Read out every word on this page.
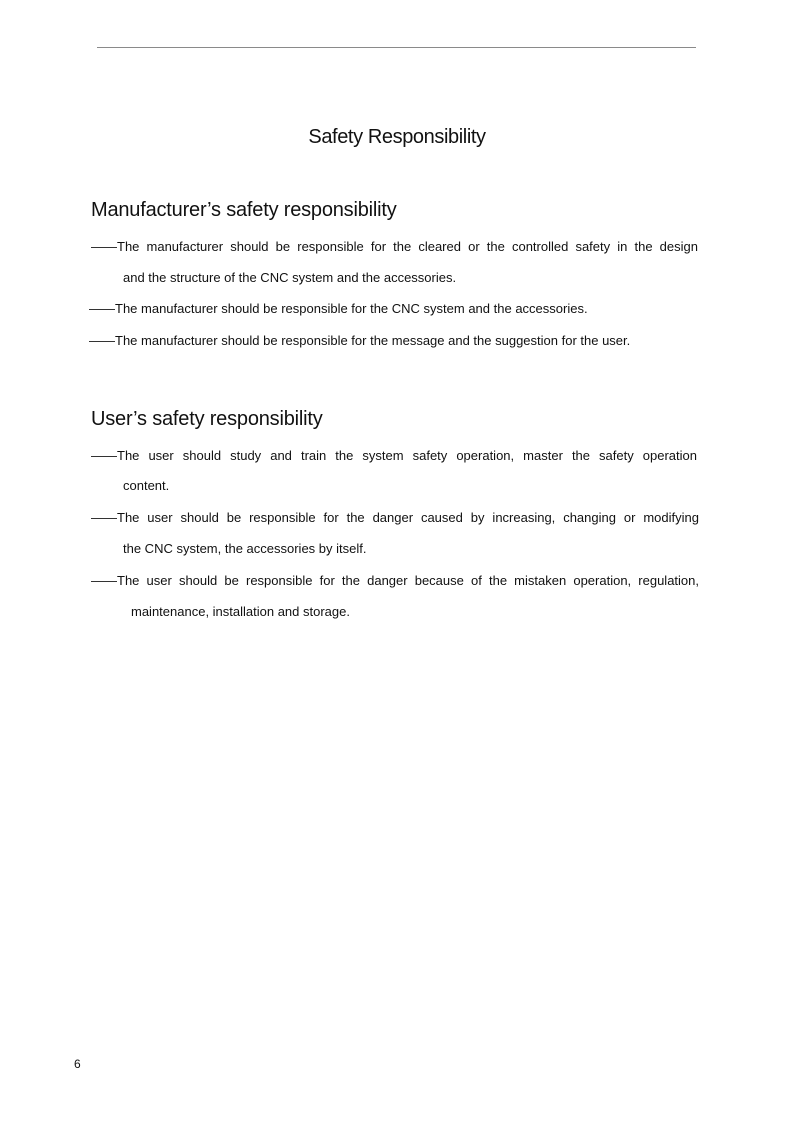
Safety Responsibility
Manufacturer’s safety responsibility
——The manufacturer should be responsible for the cleared or the controlled safety in the design
and the structure of the CNC system and the accessories.
——The manufacturer should be responsible for the CNC system and the accessories.
——The manufacturer should be responsible for the message and the suggestion for the user.
User’s safety responsibility
——The user should study and train the system safety operation, master the safety operation
content.
——The user should be responsible for the danger caused by increasing, changing or modifying
the CNC system, the accessories by itself.
——The user should be responsible for the danger because of the mistaken operation, regulation,
maintenance, installation and storage.
6
